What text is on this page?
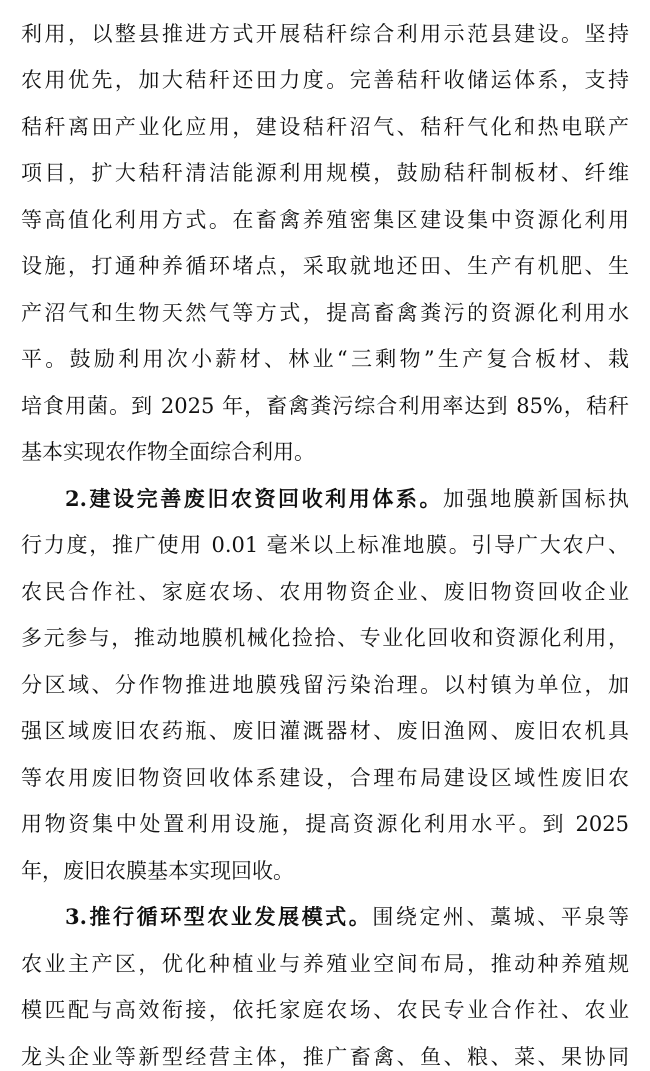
利用，以整县推进方式开展秸秆综合利用示范县建设。坚持
农用优先，加大秸秆还田力度。完善秸秆收储运体系，支持
秸秆离田产业化应用，建设秸秆沼气、秸秆气化和热电联产
项目，扩大秸秆清洁能源利用规模，鼓励秸秆制板材、纤维
等高值化利用方式。在畜禽养殖密集区建设集中资源化利用
设施，打通种养循环堵点，采取就地还田、生产有机肥、生
产沼气和生物天然气等方式，提高畜禽粪污的资源化利用水
平。鼓励利用次小薪材、林业“三剩物”生产复合板材、栽
培食用菌。到 2025 年，畜禽粪污综合利用率达到 85%，秸秆
基本实现农作物全面综合利用。
2.建设完善废旧农资回收利用体系。加强地膜新国标执
行力度，推广使用 0.01 毫米以上标准地膜。引导广大农户、
农民合作社、家庭农场、农用物资企业、废旧物资回收企业
多元参与，推动地膜机械化捡拾、专业化回收和资源化利用，
分区域、分作物推进地膜残留污染治理。以村镇为单位，加
强区域废旧农药瓶、废旧灌溉器材、废旧渔网、废旧农机具
等农用废旧物资回收体系建设，合理布局建设区域性废旧农
用物资集中处置利用设施，提高资源化利用水平。到 2025
年，废旧农膜基本实现回收。
3.推行循环型农业发展模式。围绕定州、藁城、平泉等
农业主产区，优化种植业与养殖业空间布局，推动种养殖规
模匹配与高效衔接，依托家庭农场、农民专业合作社、农业
龙头企业等新型经营主体，推广畜禽、鱼、粮、菜、果协同
